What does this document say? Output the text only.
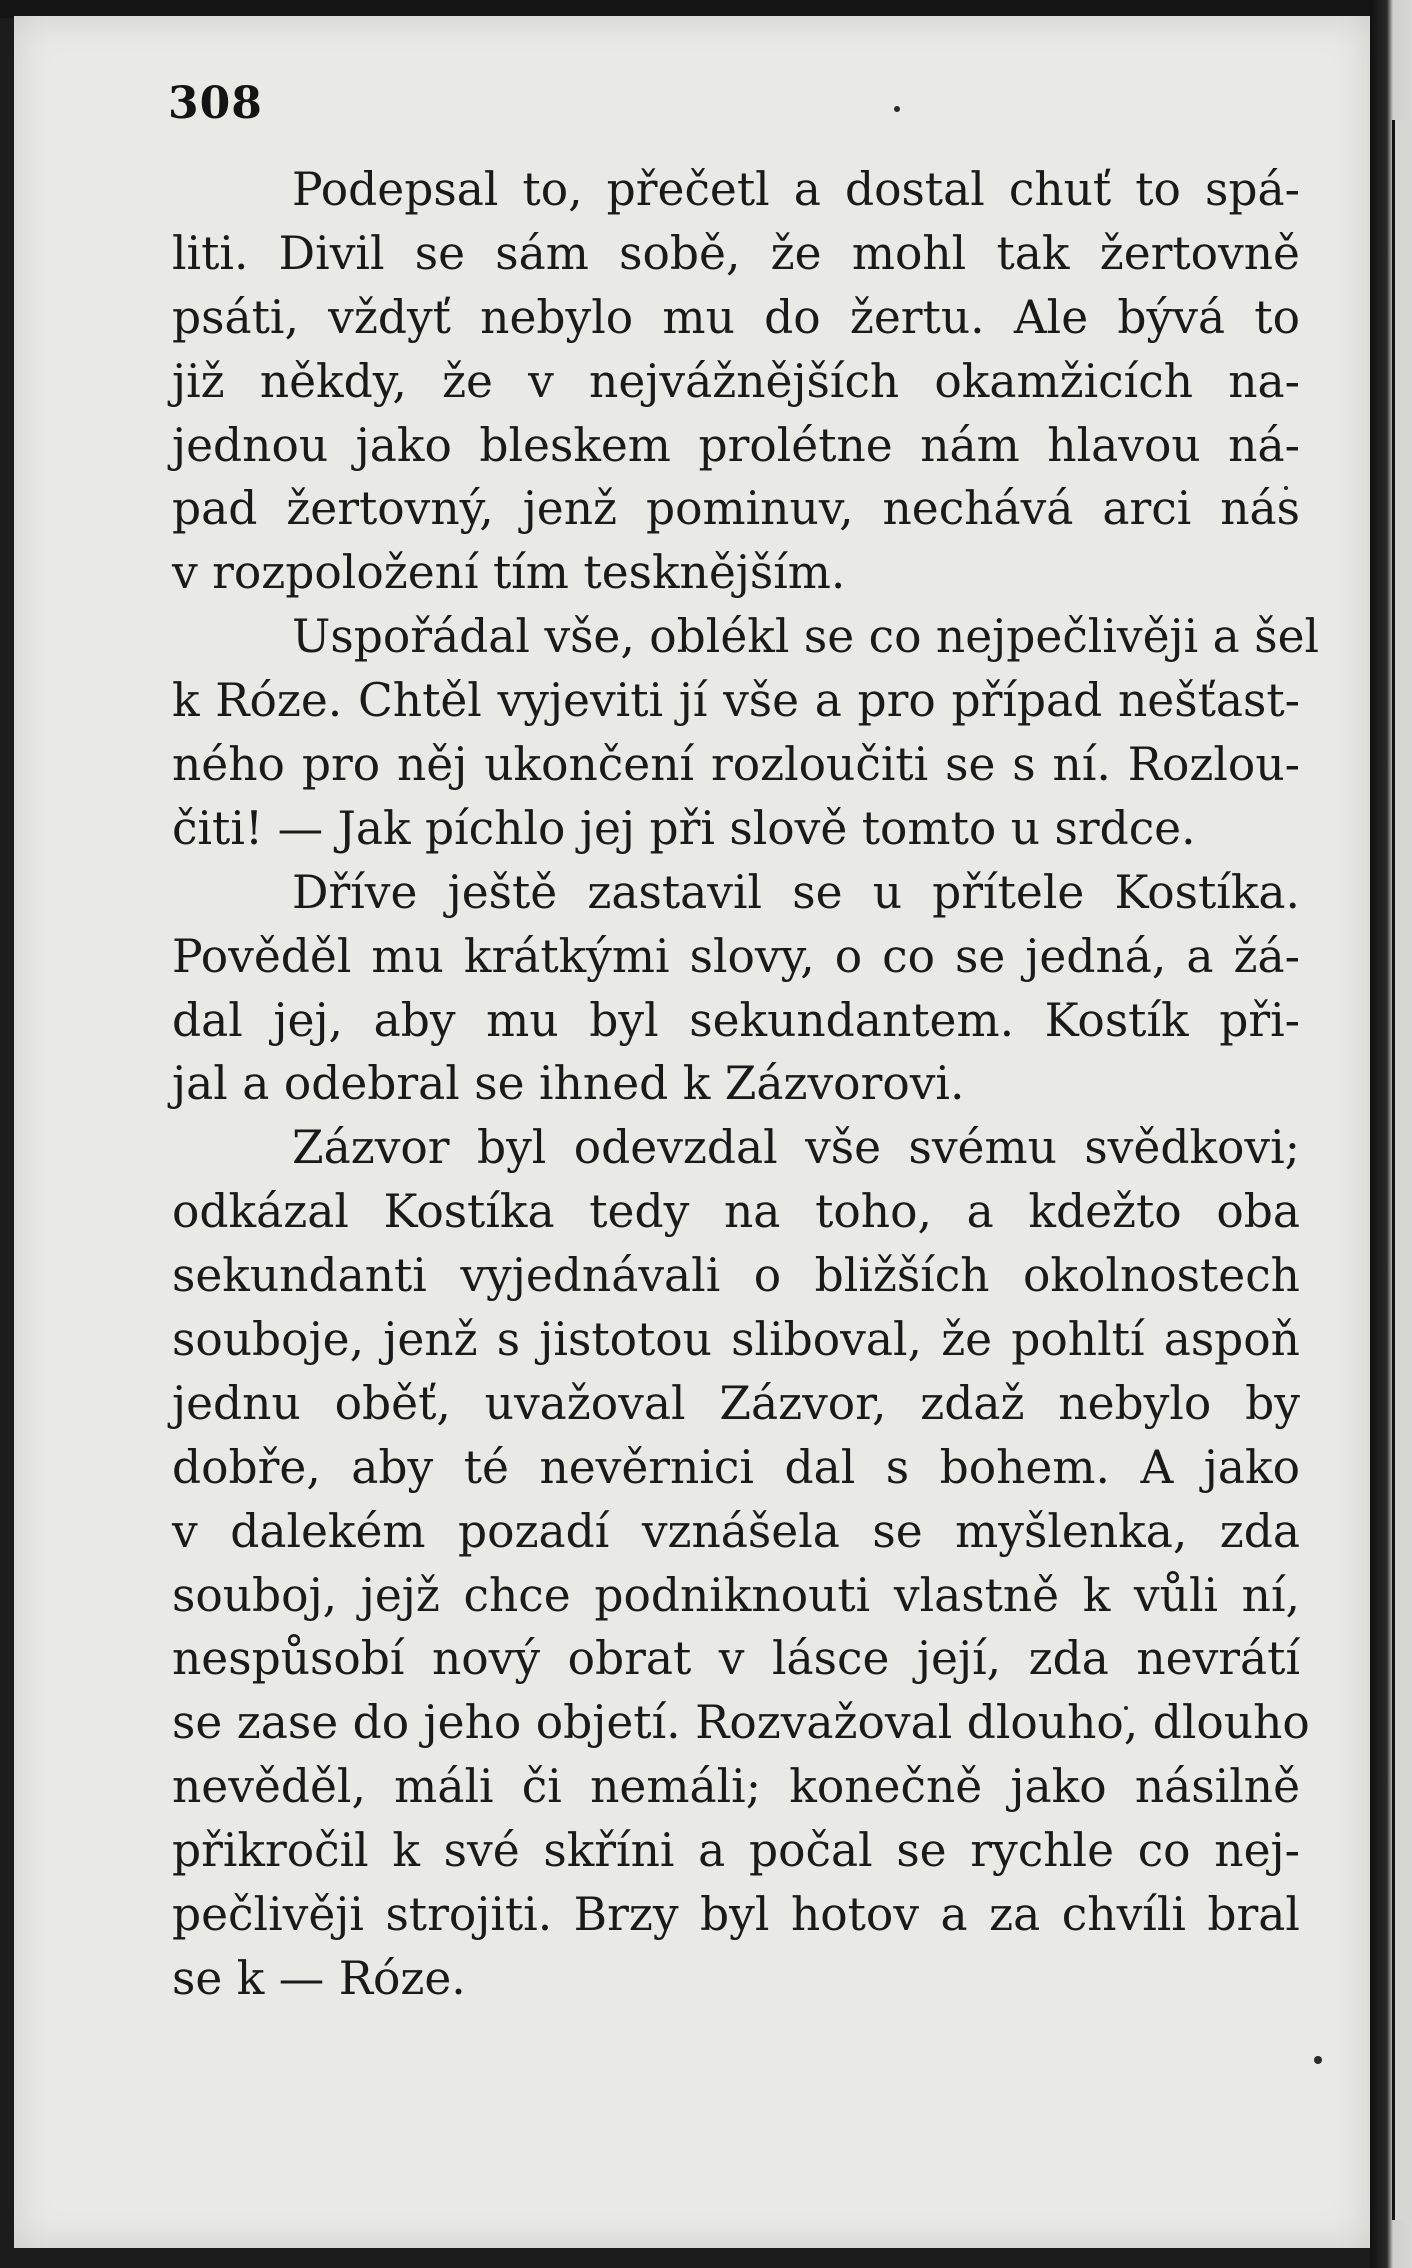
308
Podepsal to, přečetl a dostal chuť to spá-
liti. Divil se sám sobě, že mohl tak žertovně
psáti, vždyť nebylo mu do žertu. Ale bývá to
již někdy, že v nejvážnějších okamžicích na-
jednou jako bleskem prolétne nám hlavou ná-
pad žertovný, jenž pominuv, nechává arci nás
v rozpoložení tím tesknějším.
Uspořádal vše, oblékl se co nejpečlivěji a šel
k Róze. Chtěl vyjeviti jí vše a pro případ nešťast-
ného pro něj ukončení rozloučiti se s ní. Rozlou-
čiti! — Jak píchlo jej při slově tomto u srdce.
Dříve ještě zastavil se u přítele Kostíka.
Pověděl mu krátkými slovy, o co se jedná, a žá-
dal jej, aby mu byl sekundantem. Kostík při-
jal a odebral se ihned k Zázvorovi.
Zázvor byl odevzdal vše svému svědkovi;
odkázal Kostíka tedy na toho, a kdežto oba
sekundanti vyjednávali o bližších okolnostech
souboje, jenž s jistotou sliboval, že pohltí aspoň
jednu oběť, uvažoval Zázvor, zdaž nebylo by
dobře, aby té nevěrnici dal s bohem. A jako
v dalekém pozadí vznášela se myšlenka, zda
souboj, jejž chce podniknouti vlastně k vůli ní,
nespůsobí nový obrat v lásce její, zda nevrátí
se zase do jeho objetí. Rozvažoval dlouho, dlouho
nevěděl, máli či nemáli; konečně jako násilně
přikročil k své skříni a počal se rychle co nej-
pečlivěji strojiti. Brzy byl hotov a za chvíli bral
se k — Róze.
